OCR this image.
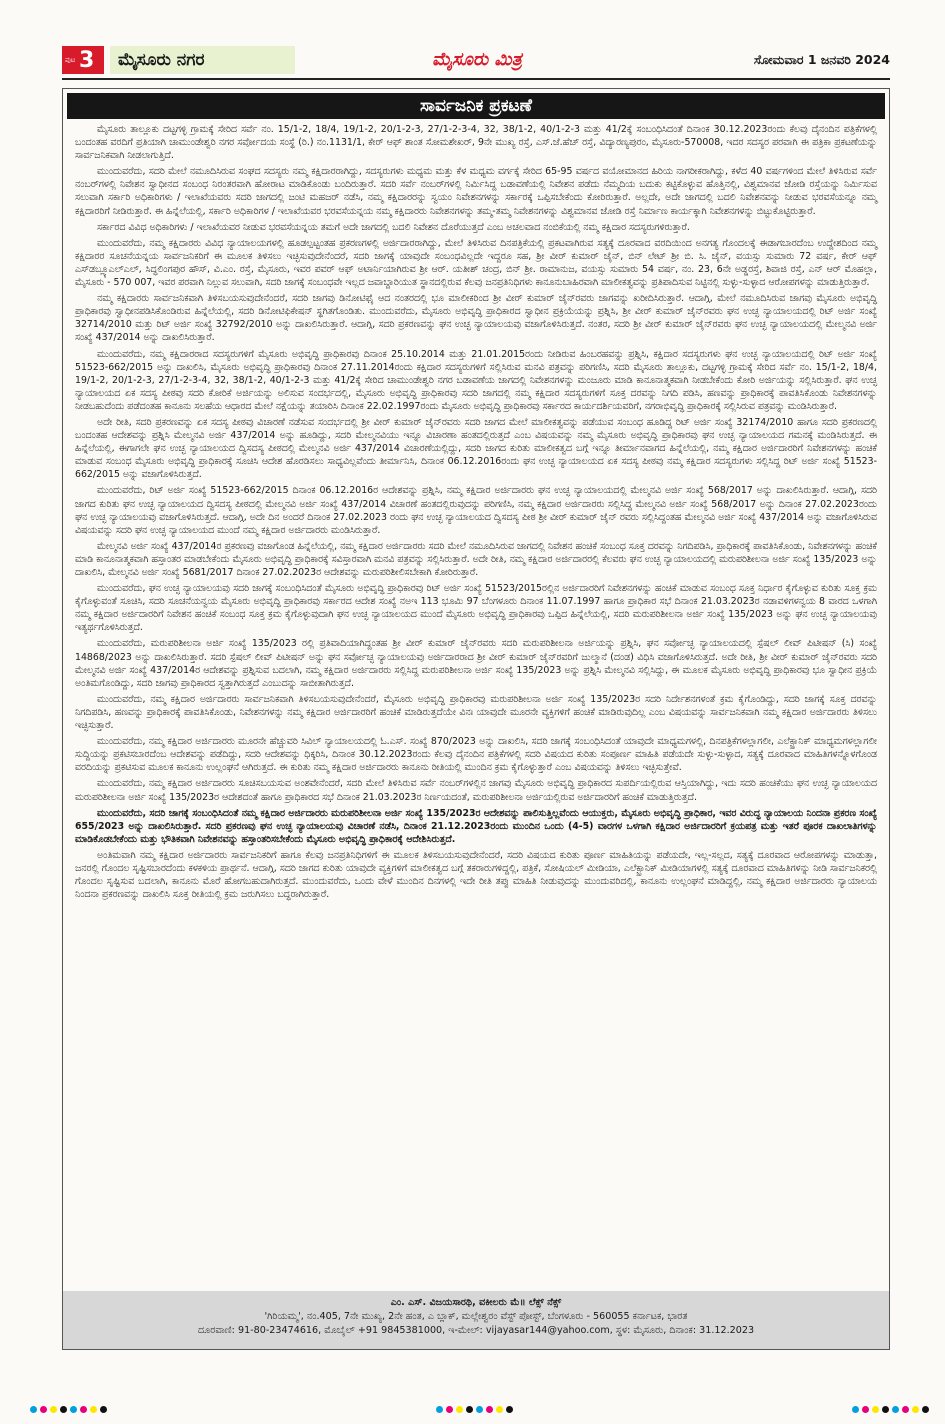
ಪುಟ 3	ಮೈಸೂರು ನಗರ	ಮೈಸೂರು ಮಿತ್ರ	ಸೋಮವಾರ 1 ಜನವರಿ 2024
ಸಾರ್ವಜನಿಕ ಪ್ರಕಟಣೆ

ಮೈಸೂರು ತಾಲ್ಲೂಕು ದಟ್ಟಗಳ್ಳಿ ಗ್ರಾಮಕ್ಕೆ ಸೇರಿದ ಸರ್ವೆ ನಂ. 15/1-2, 18/4, 19/1-2, 20/1-2-3, 27/1-2-3-4, 32, 38/1-2, 40/1-2-3 ಮತ್ತು 41/2ಕ್ಕೆ ಸಂಬಂಧಿಸಿದಂತೆ ದಿನಾಂಕ 30.12.2023ರಂದು ಕೆಲವು ದೈನಂದಿನ ಪತ್ರಿಕೆಗಳಲ್ಲಿ ಬಂದಂತಹ ವರದಿಗೆ ಪ್ರತಿಯಾಗಿ ಚಾಮುಂಡೇಶ್ವರಿ ನಗರ ಸರ್ವೋದಯ ಸಂಸ್ಥೆ (ರಿ.) ನಂ.1131/1, ಕೇರ್ ಆಫ್ ಶಾಂತ ಸೋಮಶೇಖರ್, 9ನೇ ಮುಖ್ಯ ರಸ್ತೆ, ಎಸ್.ಜೆ.ಹೆಚ್ ರಸ್ತೆ, ವಿದ್ಯಾರಣ್ಯಪುರಂ, ಮೈಸೂರು-570008, ಇದರ ಸದಸ್ಯರ ಪರವಾಗಿ ಈ ಪತ್ರಿಕಾ ಪ್ರಕಟಣೆಯನ್ನು ಸಾರ್ವಜನಿಕವಾಗಿ ನೀಡಲಾಗುತ್ತಿದೆ.

ಮುಂದುವರೆದು, ಸದರಿ ಮೇಲೆ ನಮೂದಿಸಿರುವ ಸಂಘದ ಸದಸ್ಯರು ನಮ್ಮ ಕಕ್ಷಿದಾರರಾಗಿದ್ದು, ಸದಸ್ಯರುಗಳು ಮಧ್ಯಮ ಮತ್ತು ಕೆಳ ಮಧ್ಯಮ ವರ್ಗಕ್ಕೆ ಸೇರಿದ 65-95 ವರ್ಷದ ವಯೋಮಾನದ ಹಿರಿಯ ನಾಗರೀಕರಾಗಿದ್ದು, ಕಳೆದ 40 ವರ್ಷಗಳಿಂದ ಮೇಲೆ ತಿಳಿಸಿರುವ ಸರ್ವೆ ನಂಬರ್‌ಗಳಲ್ಲಿ ನಿವೇಶನ ಸ್ವಾಧೀನದ ಸಂಬಂಧ ನಿರಂತರವಾಗಿ ಹೋರಾಟ ಮಾಡಿಕೊಂಡು ಬಂದಿರುತ್ತಾರೆ. ಸದರಿ ಸರ್ವೆ ನಂಬರ್‌ಗಳಲ್ಲಿ ನಿರ್ಮಿಸಿದ್ದ ಬಡಾವಣೆಯಲ್ಲಿ ನಿವೇಶನ ಪಡೆದು ನೆಮ್ಮದಿಯ ಬದುಕು ಕಟ್ಟಿಕೊಳ್ಳುವ ಹೊತ್ತಿನಲ್ಲಿ, ವಿಶ್ವಮಾನವ ಜೋಡಿ ರಸ್ತೆಯನ್ನು ನಿರ್ಮಿಸುವ ಸಲುವಾಗಿ ಸರ್ಕಾರಿ ಅಧಿಕಾರಿಗಳು / ಇಲಾಖೆಯವರು ಸದರಿ ಜಾಗದಲ್ಲಿ ಜಂಟಿ ಮಹಜರ್ ನಡೆಸಿ, ನಮ್ಮ ಕಕ್ಷಿದಾರರನ್ನು ಸ್ವಯಂ ನಿವೇಶನಗಳನ್ನು ಸರ್ಕಾರಕ್ಕೆ ಒಪ್ಪಿಸಬೇಕೆಂದು ಕೋರಿರುತ್ತಾರೆ. ಅಲ್ಲದೇ, ಅದೇ ಜಾಗದಲ್ಲಿ ಬದಲಿ ನಿವೇಶನವನ್ನು ನೀಡುವ ಭರವಸೆಯನ್ನೂ ನಮ್ಮ ಕಕ್ಷಿದಾರರಿಗೆ ನೀಡಿರುತ್ತಾರೆ. ಈ ಹಿನ್ನೆಲೆಯಲ್ಲಿ, ಸರ್ಕಾರಿ ಅಧಿಕಾರಿಗಳ / ಇಲಾಖೆಯವರ ಭರವಸೆಯನ್ನಯ ನಮ್ಮ ಕಕ್ಷಿದಾರರು ನಿವೇಶನಗಳನ್ನು ತಮ್ಮ-ತಮ್ಮ ನಿವೇಶನಗಳನ್ನು ವಿಶ್ವಮಾನವ ಜೋಡಿ ರಸ್ತೆ ನಿರ್ಮಾಣ ಕಾರ್ಯಕ್ಕಾಗಿ ನಿವೇಶನಗಳನ್ನು ಬಿಟ್ಟುಕೊಟ್ಟಿರುತ್ತಾರೆ.

ಸರ್ಕಾರದ ವಿವಿಧ ಅಧಿಕಾರಿಗಳು / ಇಲಾಖೆಯವರ ನೀಡುವ ಭರವಸೆಯನ್ನಯ ತಮಗೆ ಅದೇ ಜಾಗದಲ್ಲಿ ಬದಲಿ ನಿವೇಶನ ದೊರೆಯುತ್ತದೆ ಎಂಬ ಅಚಲವಾದ ನಂಬಿಕೆಯಲ್ಲಿ ನಮ್ಮ ಕಕ್ಷಿದಾರ ಸದಸ್ಯರುಗಳಿರುತ್ತಾರೆ.

ಮುಂದುವರೆದು, ನಮ್ಮ ಕಕ್ಷಿದಾರರು ವಿವಿಧ ನ್ಯಾಯಾಲಯಗಳಲ್ಲಿ ಹೂಡಲ್ಪಟ್ಟಂತಹ ಪ್ರಕರಣಗಳಲ್ಲಿ ಅರ್ಜಿದಾರರಾಗಿದ್ದು, ಮೇಲೆ ತಿಳಿಸಿರುವ ದಿನಪತ್ರಿಕೆಯಲ್ಲಿ ಪ್ರಕಟವಾಗಿರುವ ಸತ್ಯಕ್ಕೆ ದೂರವಾದ ವರದಿಯಿಂದ ಅನಗತ್ಯ ಗೊಂದಲಕ್ಕೆ ಈಡಾಗಬಾರದೆಂಬ ಉದ್ದೇಶದಿಂದ ನಮ್ಮ ಕಕ್ಷಿದಾರರ ಸೂಚನೆಯನ್ನಯ ಸಾರ್ವಜನಿಕರಿಗೆ ಈ ಮೂಲಕ ತಿಳಿಸಲು ಇಚ್ಛಿಸುವುದೇನೆಂದರೆ, ಸದರಿ ಜಾಗಕ್ಕೆ ಯಾವುದೇ ಸಂಬಂಧವಿಲ್ಲದೇ ಇದ್ದರೂ ಸಹ, ಶ್ರೀ ವೀರ್ ಕುಮಾರ್ ಜೈನ್, ಬಿನ್ ಲೇಟ್ ಶ್ರೀ ಬಿ. ಸಿ. ಜೈನ್, ವಯಸ್ಸು ಸುಮಾರು 72 ವರ್ಷ, ಕೇರ್ ಆಫ್ ಎಸ್‌ಡಬ್ಲ್ಯೂಎಲ್‌ಎಲ್, ಸಿದ್ಧಲಿಂಗಪುರ ಹೌಸ್, ವಿ.ಎಂ. ರಸ್ತೆ, ಮೈಸೂರು, ಇವರ ಪವರ್ ಆಫ್ ಅಟಾರ್ನಿಯಾಗಿರುವ ಶ್ರೀ ಆರ್. ಯತೀಶ್ ಚಂದ್ರ, ಬಿನ್ ಶ್ರೀ. ರಾಮಾನುಜ, ವಯಸ್ಸು ಸುಮಾರು 54 ವರ್ಷ, ನಂ. 23, 6ನೇ ಅಡ್ಡರಸ್ತೆ, ಶಿವಾಜಿ ರಸ್ತೆ, ಎನ್ ಆರ್ ಮೊಹಲ್ಲಾ, ಮೈಸೂರು - 570 007, ಇವರ ಪರವಾಗಿ ನಿಲ್ಲುವ ಸಲುವಾಗಿ, ಸದರಿ ಜಾಗಕ್ಕೆ ಸಂಬಂಧವೇ ಇಲ್ಲದ ಜವಾಬ್ದಾರಿಯುತ ಸ್ಥಾನದಲ್ಲಿರುವ ಕೆಲವು ಜನಪ್ರತಿನಿಧಿಗಳು ಕಾನೂನುಬಾಹಿರವಾಗಿ ಮಾಲೀಕತ್ವವನ್ನು ಪ್ರತಿಪಾದಿಸುವ ನಿಟ್ಟಿನಲ್ಲಿ ಸುಳ್ಳು-ಸುಳ್ಳಾದ ಆರೋಪಗಳನ್ನು ಮಾಡುತ್ತಿರುತ್ತಾರೆ.

ನಮ್ಮ ಕಕ್ಷಿದಾರರು ಸಾರ್ವಜನಿಕವಾಗಿ ತಿಳಿಸಬಯಸುವುದೇನೆಂದರೆ, ಸದರಿ ಜಾಗವು ಡಿನೋಟಿಫೈ ಆದ ನಂತರದಲ್ಲಿ ಭೂ ಮಾಲೀಕರಿಂದ ಶ್ರೀ ವೀರ್ ಕುಮಾರ್ ಜೈನ್‌ರವರು ಜಾಗವನ್ನು ಖರೀದಿಸಿರುತ್ತಾರೆ. ಆದಾಗ್ಗಿ, ಮೇಲೆ ನಮೂದಿಸಿರುವ ಜಾಗವು ಮೈಸೂರು ಅಭಿವೃದ್ಧಿ ಪ್ರಾಧಿಕಾರವು ಸ್ವಾಧೀನಪಡಿಸಿಕೊಂಡಿರುವ ಹಿನ್ನೆಲೆಯಲ್ಲಿ, ಸದರಿ ಡಿನೋಟಿಫಿಕೇಷನ್ ಸ್ಥಗಿತಗೊಂಡಿತು. ಮುಂದುವರೆದು, ಮೈಸೂರು ಅಭಿವೃದ್ಧಿ ಪ್ರಾಧಿಕಾರದ ಸ್ವಾಧೀನ ಪ್ರಕ್ರಿಯೆಯನ್ನು ಪ್ರಶ್ನಿಸಿ, ಶ್ರೀ ವೀರ್ ಕುಮಾರ್ ಜೈನ್‌ರವರು ಘನ ಉಚ್ಛ ನ್ಯಾಯಾಲಯದಲ್ಲಿ ರಿಟ್ ಅರ್ಜಿ ಸಂಖ್ಯೆ 32714/2010 ಮತ್ತು ರಿಟ್ ಅರ್ಜಿ ಸಂಖ್ಯೆ 32792/2010 ಅನ್ನು ದಾಖಲಿಸಿರುತ್ತಾರೆ. ಆದಾಗ್ಗಿ, ಸದರಿ ಪ್ರಕರಣವನ್ನು ಘನ ಉಚ್ಛ ನ್ಯಾಯಾಲಯವು ವಜಾಗೊಳಿಸಿರುತ್ತದೆ. ನಂತರ, ಸದರಿ ಶ್ರೀ ವೀರ್ ಕುಮಾರ್ ಜೈನ್‌ರವರು ಘನ ಉಚ್ಛ ನ್ಯಾಯಾಲಯದಲ್ಲಿ ಮೇಲ್ಮನವಿ ಅರ್ಜಿ ಸಂಖ್ಯೆ 437/2014 ಅನ್ನು ದಾಖಲಿಸಿರುತ್ತಾರೆ.

ಮುಂದುವರೆದು, ನಮ್ಮ ಕಕ್ಷಿದಾರರಾದ ಸದಸ್ಯರುಗಳಿಗೆ ಮೈಸೂರು ಅಭಿವೃದ್ಧಿ ಪ್ರಾಧಿಕಾರವು ದಿನಾಂಕ 25.10.2014 ಮತ್ತು 21.01.2015ರಂದು ನೀಡಿರುವ ಹಿಂಬರಹವನ್ನು ಪ್ರಶ್ನಿಸಿ, ಕಕ್ಷಿದಾರ ಸದಸ್ಯರುಗಳು ಘನ ಉಚ್ಛ ನ್ಯಾಯಾಲಯದಲ್ಲಿ ರಿಟ್ ಅರ್ಜಿ ಸಂಖ್ಯೆ 51523-662/2015 ಅನ್ನು ದಾಖಲಿಸಿ, ಮೈಸೂರು ಅಭಿವೃದ್ಧಿ ಪ್ರಾಧಿಕಾರವು ದಿನಾಂಕ 27.11.2014ರಂದು ಕಕ್ಷಿದಾರ ಸದಸ್ಯರುಗಳಿಗೆ ಸಲ್ಲಿಸಿರುವ ಮನವಿ ಪತ್ರವನ್ನು ಪರಿಗಣಿಸಿ, ಸದರಿ ಮೈಸೂರು ತಾಲ್ಲೂಕು, ದಟ್ಟಗಳ್ಳಿ ಗ್ರಾಮಕ್ಕೆ ಸೇರಿದ ಸರ್ವೆ ನಂ. 15/1-2, 18/4, 19/1-2, 20/1-2-3, 27/1-2-3-4, 32, 38/1-2, 40/1-2-3 ಮತ್ತು 41/2ಕ್ಕೆ ಸೇರಿದ ಚಾಮುಂಡೇಶ್ವರಿ ನಗರ ಬಡಾವಣೆಯ ಜಾಗದಲ್ಲಿ ನಿವೇಶನಗಳನ್ನು ಮಂಜೂರು ಮಾಡಿ ಕಾನೂನಾತ್ಮಕವಾಗಿ ನೀಡಬೇಕೆಂದು ಕೋರಿ ಅರ್ಜಿಯನ್ನು ಸಲ್ಲಿಸಿರುತ್ತಾರೆ. ಘನ ಉಚ್ಛ ನ್ಯಾಯಾಲಯದ ಏಕ ಸದಸ್ಯ ಪೀಠವು ಸದರಿ ಕೋರಿಕೆ ಅರ್ಜಿಯನ್ನು ಅಲಿಸುವ ಸಂದರ್ಭದಲ್ಲಿ, ಮೈಸೂರು ಅಭಿವೃದ್ಧಿ ಪ್ರಾಧಿಕಾರವು ಸದರಿ ಜಾಗದಲ್ಲಿ ನಮ್ಮ ಕಕ್ಷಿದಾರ ಸದಸ್ಯರುಗಳಿಗೆ ಸೂಕ್ತ ದರವನ್ನು ನಿಗದಿ ಪಡಿಸಿ, ಹಣವನ್ನು ಪ್ರಾಧಿಕಾರಕ್ಕೆ ಪಾವತಿಸಿಕೊಂಡು ನಿವೇಶನಗಳನ್ನು ನೀಡಬಹುದೆಂದು ಪಡೆದಂತಹ ಕಾನೂನು ಸಲಹೆಯ ಆಧಾರದ ಮೇಲೆ ನಕ್ಷೆಯನ್ನು ತಯಾರಿಸಿ ದಿನಾಂಕ 22.02.1997ರಂದು ಮೈಸೂರು ಅಭಿವೃದ್ಧಿ ಪ್ರಾಧಿಕಾರವು ಸರ್ಕಾರದ ಕಾರ್ಯದರ್ಶಿಯವರಿಗೆ, ನಗರಾಭಿವೃದ್ಧಿ ಪ್ರಾಧಿಕಾರಕ್ಕೆ ಸಲ್ಲಿಸಿರುವ ಪತ್ರವನ್ನು ಮಂಡಿಸಿರುತ್ತಾರೆ.

ಅದೇ ರೀತಿ, ಸದರಿ ಪ್ರಕರಣವನ್ನು ಏಕ ಸದಸ್ಯ ಪೀಠವು ವಿಚಾರಣೆ ನಡೆಸುವ ಸಂದರ್ಭದಲ್ಲಿ ಶ್ರೀ ವೀರ್ ಕುಮಾರ್ ಜೈನ್‌ರವರು ಸದರಿ ಜಾಗದ ಮೇಲೆ ಮಾಲೀಕತ್ವವನ್ನು ಪಡೆಯುವ ಸಂಬಂಧ ಹೂಡಿದ್ದ ರಿಟ್ ಅರ್ಜಿ ಸಂಖ್ಯೆ 32174/2010 ಹಾಗೂ ಸದರಿ ಪ್ರಕರಣದಲ್ಲಿ ಬಂದಂತಹ ಆದೇಶವನ್ನು ಪ್ರಶ್ನಿಸಿ ಮೇಲ್ಮನವಿ ಅರ್ಜಿ 437/2014 ಅನ್ನು ಹೂಡಿದ್ದು, ಸದರಿ ಮೇಲ್ಮನವಿಯು ಇನ್ನೂ ವಿಚಾರಣಾ ಹಂತದಲ್ಲಿರುತ್ತದೆ ಎಂಬ ವಿಷಯವನ್ನು ನಮ್ಮ ಮೈಸೂರು ಅಭಿವೃದ್ಧಿ ಪ್ರಾಧಿಕಾರವು ಘನ ಉಚ್ಛ ನ್ಯಾಯಾಲಯದ ಗಮನಕ್ಕೆ ಮಂಡಿಸಿರುತ್ತದೆ. ಈ ಹಿನ್ನೆಲೆಯಲ್ಲಿ, ಈಗಾಗಲೇ ಘನ ಉಚ್ಛ ನ್ಯಾಯಾಲಯದ ದ್ವಿಸದಸ್ಯ ಪೀಠದಲ್ಲಿ ಮೇಲ್ಮನವಿ ಅರ್ಜಿ 437/2014 ವಿಚಾರಣೆಯಲ್ಲಿದ್ದು, ಸದರಿ ಜಾಗದ ಕುರಿತು ಮಾಲೀಕತ್ವದ ಬಗ್ಗೆ ಇನ್ನೂ ತೀರ್ಮಾನವಾಗದ ಹಿನ್ನೆಲೆಯಲ್ಲಿ, ನಮ್ಮ ಕಕ್ಷಿದಾರ ಅರ್ಜಿದಾರರಿಗೆ ನಿವೇಶನಗಳನ್ನು ಹಂಚಿಕೆ ಮಾಡುವ ಸಂಬಂಧ ಮೈಸೂರು ಅಭಿವೃದ್ಧಿ ಪ್ರಾಧಿಕಾರಕ್ಕೆ ಸೂಚಿಸಿ ಆದೇಶ ಹೊರಡಿಸಲು ಸಾಧ್ಯವಿಲ್ಲವೆಂದು ತೀರ್ಮಾನಿಸಿ, ದಿನಾಂಕ 06.12.2016ರಂದು ಘನ ಉಚ್ಛ ನ್ಯಾಯಾಲಯದ ಏಕ ಸದಸ್ಯ ಪೀಠವು ನಮ್ಮ ಕಕ್ಷಿದಾರ ಸದಸ್ಯರುಗಳು ಸಲ್ಲಿಸಿದ್ದ ರಿಟ್ ಅರ್ಜಿ ಸಂಖ್ಯೆ 51523-662/2015 ಅನ್ನು ವಜಾಗೊಳಿಸಿರುತ್ತದೆ.

ಮುಂದುವರೆದು, ರಿಟ್ ಅರ್ಜಿ ಸಂಖ್ಯೆ 51523-662/2015 ದಿನಾಂಕ 06.12.2016ರ ಆದೇಶವನ್ನು ಪ್ರಶ್ನಿಸಿ, ನಮ್ಮ ಕಕ್ಷಿದಾರ ಅರ್ಜಿದಾರರು ಘನ ಉಚ್ಛ ನ್ಯಾಯಾಲಯದಲ್ಲಿ ಮೇಲ್ಮನವಿ ಅರ್ಜಿ ಸಂಖ್ಯೆ 568/2017 ಅನ್ನು ದಾಖಲಿಸಿರುತ್ತಾರೆ. ಆದಾಗ್ಗಿ, ಸದರಿ ಜಾಗದ ಕುರಿತು ಘನ ಉಚ್ಛ ನ್ಯಾಯಾಲಯದ ದ್ವಿಸದಸ್ಯ ಪೀಠದಲ್ಲಿ ಮೇಲ್ಮನವಿ ಅರ್ಜಿ ಸಂಖ್ಯೆ 437/2014 ವಿಚಾರಣೆ ಹಂತದಲ್ಲಿರುವುದನ್ನು ಪರಿಗಣಿಸಿ, ನಮ್ಮ ಕಕ್ಷಿದಾರ ಅರ್ಜಿದಾರರು ಸಲ್ಲಿಸಿದ್ದ ಮೇಲ್ಮನವಿ ಅರ್ಜಿ ಸಂಖ್ಯೆ 568/2017 ಅನ್ನು ದಿನಾಂಕ 27.02.2023ರಂದು ಘನ ಉಚ್ಛ ನ್ಯಾಯಾಲಯವು ವಜಾಗೊಳಿಸಿರುತ್ತದೆ. ಆದಾಗ್ಗಿ, ಅದೇ ದಿನ ಅಂದರೆ ದಿನಾಂಕ 27.02.2023 ರಂದು ಘನ ಉಚ್ಛ ನ್ಯಾಯಾಲಯದ ದ್ವಿಸದಸ್ಯ ಪೀಠ ಶ್ರೀ ವೀರ್ ಕುಮಾರ್ ಜೈನ್ ರವರು ಸಲ್ಲಿಸಿದ್ದಂತಹ ಮೇಲ್ಮನವಿ ಅರ್ಜಿ ಸಂಖ್ಯೆ 437/2014 ಅನ್ನು ವಜಾಗೊಳಿಸಿರುವ ವಿಷಯವನ್ನು ಸದರಿ ಘನ ಉಚ್ಛ ನ್ಯಾಯಾಲಯದ ಮುಂದೆ ನಮ್ಮ ಕಕ್ಷಿದಾರ ಅರ್ಜಿದಾರರು ಮಂಡಿಸಿರುತ್ತಾರೆ.

ಮೇಲ್ಮನವಿ ಅರ್ಜಿ ಸಂಖ್ಯೆ 437/2014ರ ಪ್ರಕರಣವು ವಜಾಗೊಂಡ ಹಿನ್ನೆಲೆಯಲ್ಲಿ, ನಮ್ಮ ಕಕ್ಷಿದಾರ ಅರ್ಜಿದಾರರು ಸದರಿ ಮೇಲೆ ನಮೂದಿಸಿರುವ ಜಾಗದಲ್ಲಿ ನಿವೇಶನ ಹಂಚಿಕೆ ಸಂಬಂಧ ಸೂಕ್ತ ದರವನ್ನು ನಿಗದಿಪಡಿಸಿ, ಪ್ರಾಧಿಕಾರಕ್ಕೆ ಪಾವತಿಸಿಕೊಂಡು, ನಿವೇಶನಗಳನ್ನು ಹಂಚಿಕೆ ಮಾಡಿ ಕಾನೂನಾತ್ಮಕವಾಗಿ ಹಸ್ತಾಂತರ ಮಾಡಬೇಕೆಂದು ಮೈಸೂರು ಅಭಿವೃದ್ಧಿ ಪ್ರಾಧಿಕಾರಕ್ಕೆ ಸವಿಸ್ತಾರವಾಗಿ ಮನವಿ ಪತ್ರವನ್ನು ಸಲ್ಲಿಸಿರುತ್ತಾರೆ. ಅದೇ ರೀತಿ, ನಮ್ಮ ಕಕ್ಷಿದಾರ ಅರ್ಜಿದಾರರಲ್ಲಿ ಕೆಲವರು ಘನ ಉಚ್ಛ ನ್ಯಾಯಾಲಯದಲ್ಲಿ ಮರುಪರಿಶೀಲನಾ ಅರ್ಜಿ ಸಂಖ್ಯೆ 135/2023 ಅನ್ನು ದಾಖಲಿಸಿ, ಮೇಲ್ಮನವಿ ಅರ್ಜಿ ಸಂಖ್ಯೆ 5681/2017 ದಿನಾಂಕ 27.02.2023ರ ಆದೇಶವನ್ನು ಮರುಪರಿಶೀಲಿಸಬೇಕಾಗಿ ಕೋರಿರುತ್ತಾರೆ.

ಮುಂದುವರೆದು, ಘನ ಉಚ್ಛ ನ್ಯಾಯಾಲಯವು ಸದರಿ ಜಾಗಕ್ಕೆ ಸಂಬಂಧಿಸಿದಂತೆ ಮೈಸೂರು ಅಭಿವೃದ್ಧಿ ಪ್ರಾಧಿಕಾರವು ರಿಟ್ ಅರ್ಜಿ ಸಂಖ್ಯೆ 51523/2015ರಲ್ಲಿನ ಅರ್ಜಿದಾರರಿಗೆ ನಿವೇಶನಗಳನ್ನು ಹಂಚಿಕೆ ಮಾಡುವ ಸಂಬಂಧ ಸೂಕ್ತ ನಿರ್ಧಾರ ಕೈಗೊಳ್ಳುವ ಕುರಿತು ಸೂಕ್ತ ಕ್ರಮ ಕೈಗೊಳ್ಳುವಂತೆ ಸೂಚಿಸಿ, ಸದರಿ ಸೂಚನೆಯನ್ವಯ ಮೈಸೂರು ಅಭಿವೃದ್ಧಿ ಪ್ರಾಧಿಕಾರವು ಸರ್ಕಾರದ ಆದೇಶ ಸಂಖ್ಯೆ ನಅಇ 113 ಭೂಮಿ 97 ಬೆಂಗಳೂರು ದಿನಾಂಕ 11.07.1997 ಹಾಗೂ ಪ್ರಾಧಿಕಾರ ಸಭೆ ದಿನಾಂಕ 21.03.2023ರ ನಡಾವಳಿಗಳನ್ವಯ 8 ವಾರದ ಒಳಗಾಗಿ ನಮ್ಮ ಕಕ್ಷಿದಾರ ಅರ್ಜಿದಾರರಿಗೆ ನಿವೇಶನ ಹಂಚಿಕೆ ಸಂಬಂಧ ಸೂಕ್ತ ಕ್ರಮ ಕೈಗೊಳ್ಳುವುದಾಗಿ ಘನ ಉಚ್ಛ ನ್ಯಾಯಾಲಯದ ಮುಂದೆ ಮೈಸೂರು ಅಭಿವೃದ್ಧಿ ಪ್ರಾಧಿಕಾರವು ಒಪ್ಪಿದ ಹಿನ್ನೆಲೆಯಲ್ಲಿ, ಸದರಿ ಮರುಪರಿಶೀಲನಾ ಅರ್ಜಿ ಸಂಖ್ಯೆ 135/2023 ಅನ್ನು ಘನ ಉಚ್ಛ ನ್ಯಾಯಾಲಯವು ಇತ್ಯರ್ಥಗೊಳಿಸಿರುತ್ತದೆ.

ಮುಂದುವರೆದು, ಮರುಪರಿಶೀಲನಾ ಅರ್ಜಿ ಸಂಖ್ಯೆ 135/2023 ರಲ್ಲಿ ಪ್ರತಿವಾದಿಯಾಗಿದ್ದಂತಹ ಶ್ರೀ ವೀರ್ ಕುಮಾರ್ ಜೈನ್‌ರವರು ಸದರಿ ಮರುಪರಿಶೀಲನಾ ಅರ್ಜಿಯನ್ನು ಪ್ರಶ್ನಿಸಿ, ಘನ ಸರ್ವೋಚ್ಛ ನ್ಯಾಯಾಲಯದಲ್ಲಿ ಸ್ಪೆಷಲ್ ಲೀವ್ ಪಿಟೀಷನ್ (ಸಿ) ಸಂಖ್ಯೆ 14868/2023 ಅನ್ನು ದಾಖಲಿಸಿರುತ್ತಾರೆ. ಸದರಿ ಸ್ಪೆಷಲ್ ಲೀವ್ ಪಿಟೀಷನ್ ಅನ್ನು ಘನ ಸರ್ವೋಚ್ಛ ನ್ಯಾಯಾಲಯವು ಅರ್ಜಿದಾರರಾದ ಶ್ರೀ ವೀರ್ ಕುಮಾರ್ ಜೈನ್‌ರವರಿಗೆ ಜುಲ್ಮಾನೆ (ದಂಡ) ವಿಧಿಸಿ ವಜಾಗೊಳಿಸಿರುತ್ತದೆ. ಅದೇ ರೀತಿ, ಶ್ರೀ ವೀರ್ ಕುಮಾರ್ ಜೈನ್‌ರವರು ಸದರಿ ಮೇಲ್ಮನವಿ ಅರ್ಜಿ ಸಂಖ್ಯೆ 437/2014ರ ಆದೇಶವನ್ನು ಪ್ರಶ್ನಿಸುವ ಬದಲಾಗಿ, ನಮ್ಮ ಕಕ್ಷಿದಾರ ಅರ್ಜಿದಾರರು ಸಲ್ಲಿಸಿದ್ದ ಮರುಪರಿಶೀಲನಾ ಅರ್ಜಿ ಸಂಖ್ಯೆ 135/2023 ಅನ್ನು ಪ್ರಶ್ನಿಸಿ ಮೇಲ್ಮನವಿ ಸಲ್ಲಿಸಿದ್ದು, ಈ ಮೂಲಕ ಮೈಸೂರು ಅಭಿವೃದ್ಧಿ ಪ್ರಾಧಿಕಾರವು ಭೂ ಸ್ವಾಧೀನ ಪ್ರಕ್ರಿಯೆ ಅಂತಿಮಗೊಂಡಿದ್ದು, ಸದರಿ ಜಾಗವು ಪ್ರಾಧಿಕಾರದ ಸ್ವತ್ತಾಗಿರುತ್ತದೆ ಎಂಬುದನ್ನು ಸಾಬೀತಾಗಿರುತ್ತದೆ.

ಮುಂದುವರೆದು, ನಮ್ಮ ಕಕ್ಷಿದಾರ ಅರ್ಜಿದಾರರು ಸಾರ್ವಜನಿಕವಾಗಿ ತಿಳಿಸಬಯಸುವುದೇನೆಂದರೆ, ಮೈಸೂರು ಅಭಿವೃದ್ಧಿ ಪ್ರಾಧಿಕಾರವು ಮರುಪರಿಶೀಲನಾ ಅರ್ಜಿ ಸಂಖ್ಯೆ 135/2023ರ ಸದರಿ ನಿರ್ದೇಶನಗಳಂತೆ ಕ್ರಮ ಕೈಗೊಂಡಿದ್ದು, ಸದರಿ ಜಾಗಕ್ಕೆ ಸೂಕ್ತ ದರವನ್ನು ನಿಗದಿಪಡಿಸಿ, ಹಣವನ್ನು ಪ್ರಾಧಿಕಾರಕ್ಕೆ ಪಾವತಿಸಿಕೊಂಡು, ನಿವೇಶನಗಳನ್ನು ನಮ್ಮ ಕಕ್ಷಿದಾರ ಅರ್ಜಿದಾರರಿಗೆ ಹಂಚಿಕೆ ಮಾಡಿರುತ್ತದೆಯೇ ವಿನಃ ಯಾವುದೇ ಮೂರನೇ ವ್ಯಕ್ತಿಗಳಿಗೆ ಹಂಚಿಕೆ ಮಾಡಿರುವುದಿಲ್ಲ ಎಂಬ ವಿಷಯವನ್ನು ಸಾರ್ವಜನಿಕವಾಗಿ ನಮ್ಮ ಕಕ್ಷಿದಾರ ಅರ್ಜಿದಾರರು ತಿಳಿಸಲು ಇಚ್ಛಿಸುತ್ತಾರೆ.

ಮುಂದುವರೆದು, ನಮ್ಮ ಕಕ್ಷಿದಾರ ಅರ್ಜಿದಾರರು ಮೂರನೇ ಹೆಚ್ಚುವರಿ ಸಿವಿಲ್ ನ್ಯಾಯಾಲಯದಲ್ಲಿ ಓ.ಎಸ್. ಸಂಖ್ಯೆ 870/2023 ಅನ್ನು ದಾಖಲಿಸಿ, ಸದರಿ ಜಾಗಕ್ಕೆ ಸಂಬಂಧಿಸಿದಂತೆ ಯಾವುದೇ ಮಾಧ್ಯಮಗಳಲ್ಲಿ, ದಿನಪತ್ರಿಕೆಗಳಲ್ಲಾಗಲೀ, ಎಲೆಕ್ಟ್ರಾನಿಕ್ ಮಾಧ್ಯಮಗಳಲ್ಲಾಗಲೀ ಸುದ್ದಿಯನ್ನು ಪ್ರಕಟಿಸಬಾರದೆಂಬ ಆದೇಶವನ್ನು ಪಡೆದಿದ್ದು, ಸದರಿ ಆದೇಶವನ್ನು ಧಿಕ್ಕರಿಸಿ, ದಿನಾಂಕ 30.12.2023ರಂದು ಕೆಲವು ದೈನಂದಿನ ಪತ್ರಿಕೆಗಳಲ್ಲಿ ಸದರಿ ವಿಷಯದ ಕುರಿತು ಸಂಪೂರ್ಣ ಮಾಹಿತಿ ಪಡೆಯದೇ ಸುಳ್ಳು-ಸುಳ್ಳಾದ, ಸತ್ಯಕ್ಕೆ ದೂರವಾದ ಮಾಹಿತಿಗಳನ್ನೊಳಗೊಂಡ ವರದಿಯನ್ನು ಪ್ರಕಟಿಸುವ ಮೂಲಕ ಕಾನೂನು ಉಲ್ಲಂಘನೆ ಆಗಿರುತ್ತದೆ. ಈ ಕುರಿತು ನಮ್ಮ ಕಕ್ಷಿದಾರ ಅರ್ಜಿದಾರರು ಕಾನೂನು ರೀತಿಯಲ್ಲಿ ಮುಂದಿನ ಕ್ರಮ ಕೈಗೊಳ್ಳುತ್ತಾರೆ ಎಂಬ ವಿಷಯವನ್ನು ತಿಳಿಸಲು ಇಚ್ಛಿಸುತ್ತೇವೆ.

ಮುಂದುವರೆದು, ನಮ್ಮ ಕಕ್ಷಿದಾರ ಅರ್ಜಿದಾರರು ಸೂಚಿಸಬಯಸುವ ಅಂಶವೇನೆಂದರೆ, ಸದರಿ ಮೇಲೆ ತಿಳಿಸಿರುವ ಸರ್ವೆ ನಂಬರ್‌ಗಳಲ್ಲಿನ ಜಾಗವು ಮೈಸೂರು ಅಭಿವೃದ್ಧಿ ಪ್ರಾಧಿಕಾರದ ಸುಪರ್ದಿಯಲ್ಲಿರುವ ಆಸ್ತಿಯಾಗಿದ್ದು, ಇದು ಸದರಿ ಹಂಚಿಕೆಯು ಘನ ಉಚ್ಛ ನ್ಯಾಯಾಲಯದ ಮರುಪರಿಶೀಲನಾ ಅರ್ಜಿ ಸಂಖ್ಯೆ 135/2023ರ ಆದೇಶದಂತೆ ಹಾಗೂ ಪ್ರಾಧಿಕಾರದ ಸಭೆ ದಿನಾಂಕ 21.03.2023ರ ನಿರ್ಣಯದಂತೆ, ಮರುಪರಿಶೀಲನಾ ಅರ್ಜಿಯಲ್ಲಿರುವ ಅರ್ಜಿದಾರರಿಗೆ ಹಂಚಿಕೆ ಮಾಡುತ್ತಿರುತ್ತದೆ.

ಮುಂದುವರೆದು, ಸದರಿ ಜಾಗಕ್ಕೆ ಸಂಬಂಧಿಸಿದಂತೆ ನಮ್ಮ ಕಕ್ಷಿದಾರ ಅರ್ಜಿದಾರರು ಮರುಪರಿಶೀಲನಾ ಅರ್ಜಿ ಸಂಖ್ಯೆ 135/2023ರ ಆದೇಶವನ್ನು ಪಾಲಿಸುತ್ತಿಲ್ಲವೆಂದು ಆಯುಕ್ತರು, ಮೈಸೂರು ಅಭಿವೃದ್ಧಿ ಪ್ರಾಧಿಕಾರ, ಇವರ ವಿರುದ್ಧ ನ್ಯಾಯಾಲಯ ನಿಂದನಾ ಪ್ರಕರಣ ಸಂಖ್ಯೆ 655/2023 ಅನ್ನು ದಾಖಲಿಸಿರುತ್ತಾರೆ. ಸದರಿ ಪ್ರಕರಣವು ಘನ ಉಚ್ಛ ನ್ಯಾಯಾಲಯವು ವಿಚಾರಣೆ ನಡೆಸಿ, ದಿನಾಂಕ 21.12.2023ರಂದು ಮುಂದಿನ ಒಂದು (4-5) ವಾರಗಳ ಒಳಗಾಗಿ ಕಕ್ಷಿದಾರ ಅರ್ಜಿದಾರರಿಗೆ ಕ್ರಯಪತ್ರ ಮತ್ತು ಇತರೆ ಪೂರಕ ದಾಖಲಾತಿಗಳನ್ನು ಮಾಡಿಕೊಡಬೇಕೆಂದು ಮತ್ತು ಭೌತಿಕವಾಗಿ ನಿವೇಶನವನ್ನು ಹಸ್ತಾಂತರಿಸಬೇಕೆಂದು ಮೈಸೂರು ಅಭಿವೃದ್ಧಿ ಪ್ರಾಧಿಕಾರಕ್ಕೆ ಆದೇಶಿಸಿರುತ್ತದೆ.

ಅಂತಿಮವಾಗಿ ನಮ್ಮ ಕಕ್ಷಿದಾರ ಅರ್ಜಿದಾರರು ಸಾರ್ವಜನಿಕರಿಗೆ ಹಾಗೂ ಕೆಲವು ಜನಪ್ರತಿನಿಧಿಗಳಿಗೆ ಈ ಮೂಲಕ ತಿಳಿಸಬಯಸುವುದೇನೆಂದರೆ, ಸದರಿ ವಿಷಯದ ಕುರಿತು ಪೂರ್ಣ ಮಾಹಿತಿಯನ್ನು ಪಡೆಯದೇ, ಇಲ್ಲ-ಸಲ್ಲದ, ಸತ್ಯಕ್ಕೆ ದೂರವಾದ ಆರೋಪಗಳನ್ನು ಮಾಡುತ್ತಾ, ಜನರಲ್ಲಿ ಗೊಂದಲ ಸೃಷ್ಟಿಸಬಾರದೆಂದು ಕಳಕಳಿಯ ಪ್ರಾರ್ಥನೆ. ಆದಾಗ್ಗಿ, ಸದರಿ ಜಾಗದ ಕುರಿತು ಯಾವುದೇ ವ್ಯಕ್ತಿಗಳಿಗೆ ಮಾಲೀಕತ್ವದ ಬಗ್ಗೆ ತಕರಾರುಗಳಿದ್ದಲ್ಲಿ, ಪತ್ರಿಕೆ, ಸೋಷಿಯಲ್ ಮೀಡಿಯಾ, ಎಲೆಕ್ಟ್ರಾನಿಕ್ ಮೀಡಿಯಾಗಳಲ್ಲಿ ಸತ್ಯಕ್ಕೆ ದೂರವಾದ ಮಾಹಿತಿಗಳನ್ನು ನೀಡಿ ಸಾರ್ವಜನಿಕರಲ್ಲಿ ಗೊಂದಲ ಸೃಷ್ಟಿಸುವ ಬದಲಾಗಿ, ಕಾನೂನು ಮೊರೆ ಹೋಗಬಹುದಾಗಿರುತ್ತದೆ. ಮುಂದುವರೆದು, ಒಂದು ವೇಳೆ ಮುಂದಿನ ದಿನಗಳಲ್ಲಿ ಇದೇ ರೀತಿ ತಪ್ಪು ಮಾಹಿತಿ ನೀಡುವುದನ್ನು ಮುಂದುವರಿದಲ್ಲಿ, ಕಾನೂನು ಉಲ್ಲಂಘನೆ ಮಾಡಿದ್ದಲ್ಲಿ, ನಮ್ಮ ಕಕ್ಷಿದಾರ ಅರ್ಜಿದಾರರು ನ್ಯಾಯಾಲಯ ನಿಂದನಾ ಪ್ರಕರಣವನ್ನು ದಾಖಲಿಸಿ ಸೂಕ್ತ ರೀತಿಯಲ್ಲಿ ಕ್ರಮ ಜರುಗಿಸಲು ಬದ್ಧರಾಗಿರುತ್ತಾರೆ.

ಎಂ. ಎಸ್. ವಿಜಯಸಾರಥಿ, ವಕೀಲರು ಮೆ॥ ಲೆಕ್ಸ್ ನೆಕ್ಸ್
'ಗಿರಿಯಮ್ಮ', ನಂ.405, 7ನೇ ಮುಖ್ಯ, 2ನೇ ಹಂತ, ಎ ಬ್ಲಾಕ್, ಮಲ್ಲೇಶ್ವರಂ ವೆಸ್ಟ್ ಪೋಸ್ಟ್, ಬೆಂಗಳೂರು - 560055 ಕರ್ನಾಟಕ, ಭಾರತ
ದೂರವಾಣಿ: 91-80-23474616, ಮೊಬೈಲ್ +91 9845381000, ಇ-ಮೇಲ್: vijayasar144@yahoo.com, ಸ್ಥಳ: ಮೈಸೂರು, ದಿನಾಂಕ: 31.12.2023
